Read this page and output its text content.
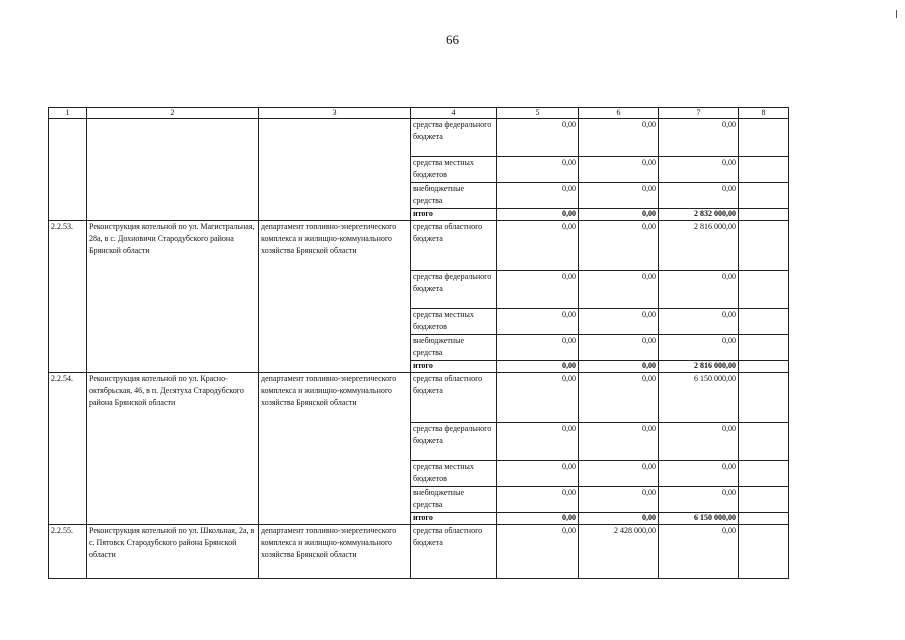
66
1	2	3	4	5	6	7	8
			средства федерального бюджета	0,00	0,00	0,00	
			средства местных бюджетов	0,00	0,00	0,00	
			внебюджетные средства	0,00	0,00	0,00	
			итого	0,00	0,00	2 832 000,00	
2.2.53.	Реконструкция котельной по ул. Магистральная, 28а, в с. Дохновичи Стародубского района Брянской области	департамент топливно-энергетического комплекса и жилищно-коммунального хозяйства Брянской области	средства областного бюджета	0,00	0,00	2 816 000,00	
			средства федерального бюджета	0,00	0,00	0,00	
			средства местных бюджетов	0,00	0,00	0,00	
			внебюджетные средства	0,00	0,00	0,00	
			итого	0,00	0,00	2 816 000,00	
2.2.54.	Реконструкция котельной по ул. Красно-октябрьская, 46, в п. Десятуха Стародубского района Брянской области	департамент топливно-энергетического комплекса и жилищно-коммунального хозяйства Брянской области	средства областного бюджета	0,00	0,00	6 150 000,00	
			средства федерального бюджета	0,00	0,00	0,00	
			средства местных бюджетов	0,00	0,00	0,00	
			внебюджетные средства	0,00	0,00	0,00	
			итого	0,00	0,00	6 150 000,00	
2.2.55.	Реконструкция котельной по ул. Школьная, 2а, в с. Пятовск Стародубского района Брянской области	департамент топливно-энергетического комплекса и жилищно-коммунального хозяйства Брянской области	средства областного бюджета	0,00	2 428 000,00	0,00	
